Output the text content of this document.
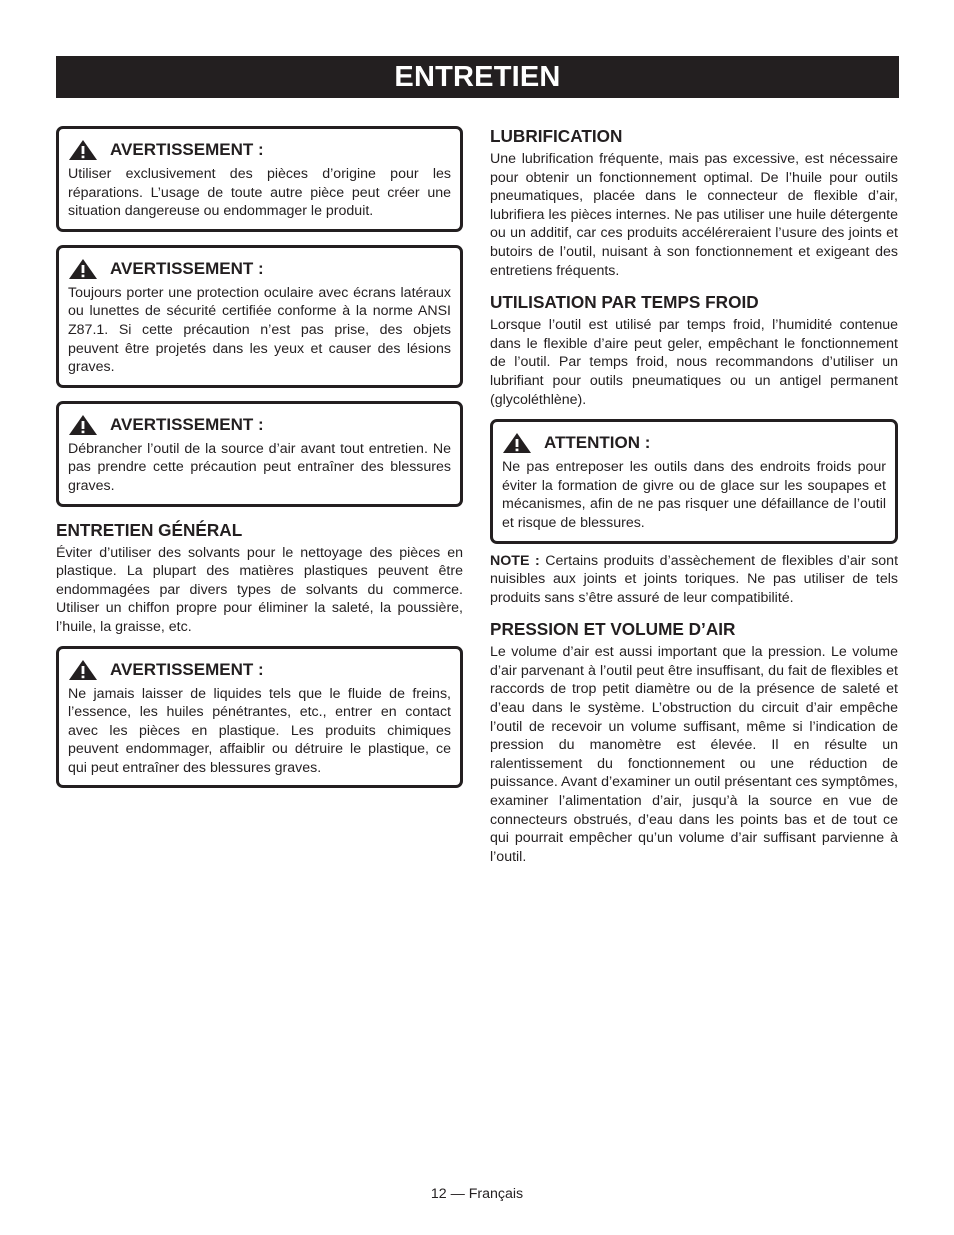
ENTRETIEN
AVERTISSEMENT :
Utiliser exclusivement des pièces d’origine pour les réparations. L’usage de toute autre pièce peut créer une situation dangereuse ou endommager le produit.
AVERTISSEMENT :
Toujours porter une protection oculaire avec écrans latéraux ou lunettes de sécurité certifiée conforme à la norme ANSI Z87.1. Si cette précaution n’est pas prise, des objets peuvent être projetés dans les yeux et causer des lésions graves.
AVERTISSEMENT :
Débrancher l’outil de la source d’air avant tout entretien. Ne pas prendre cette précaution peut entraîner des blessures graves.
ENTRETIEN GÉNÉRAL
Éviter d’utiliser des solvants pour le nettoyage des pièces en plastique. La plupart des matières plastiques peuvent être endommagées par divers types de solvants du commerce. Utiliser un chiffon propre pour éliminer la saleté, la poussière, l’huile, la graisse, etc.
AVERTISSEMENT :
Ne jamais laisser de liquides tels que le fluide de freins, l’essence, les huiles pénétrantes, etc., entrer en contact avec les pièces en plastique. Les produits chimiques peuvent endommager, affaiblir ou détruire le plastique, ce qui peut entraîner des blessures graves.
LUBRIFICATION
Une lubrification fréquente, mais pas excessive, est nécessaire pour obtenir un fonctionnement optimal. De l’huile pour outils pneumatiques, placée dans le connecteur de flexible d’air, lubrifiera les pièces internes. Ne pas utiliser une huile détergente ou un additif, car ces produits accéléreraient l’usure des joints et butoirs de l’outil, nuisant à son fonctionnement et exigeant des entretiens fréquents.
UTILISATION PAR TEMPS FROID
Lorsque l’outil est utilisé par temps froid, l’humidité contenue dans le flexible d’aire peut geler, empêchant le fonctionnement de l’outil. Par temps froid, nous recommandons d’utiliser un lubrifiant pour outils pneumatiques ou un antigel permanent (glycoléthlène).
ATTENTION :
Ne pas entreposer les outils dans des endroits froids pour éviter la formation de givre ou de glace sur les soupapes et mécanismes, afin de ne pas risquer une défaillance de l’outil et risque de blessures.
NOTE : Certains produits d’assèchement de flexibles d’air sont nuisibles aux joints et joints toriques. Ne pas utiliser de tels produits sans s’être assuré de leur compatibilité.
PRESSION ET VOLUME D’AIR
Le volume d’air est aussi important que la pression. Le volume d’air parvenant à l’outil peut être insuffisant, du fait de flexibles et raccords de trop petit diamètre ou de la présence de saleté et d’eau dans le système. L’obstruction du circuit d’air empêche l’outil de recevoir un volume suffisant, même si l’indication de pression du manomètre est élevée. Il en résulte un ralentissement du fonctionnement ou une réduction de puissance. Avant d’examiner un outil présentant ces symptômes, examiner l’alimentation d’air, jusqu’à la source en vue de connecteurs obstrués, d’eau dans les points bas et de tout ce qui pourrait empêcher qu’un volume d’air suffisant parvienne à l’outil.
12 — Français
